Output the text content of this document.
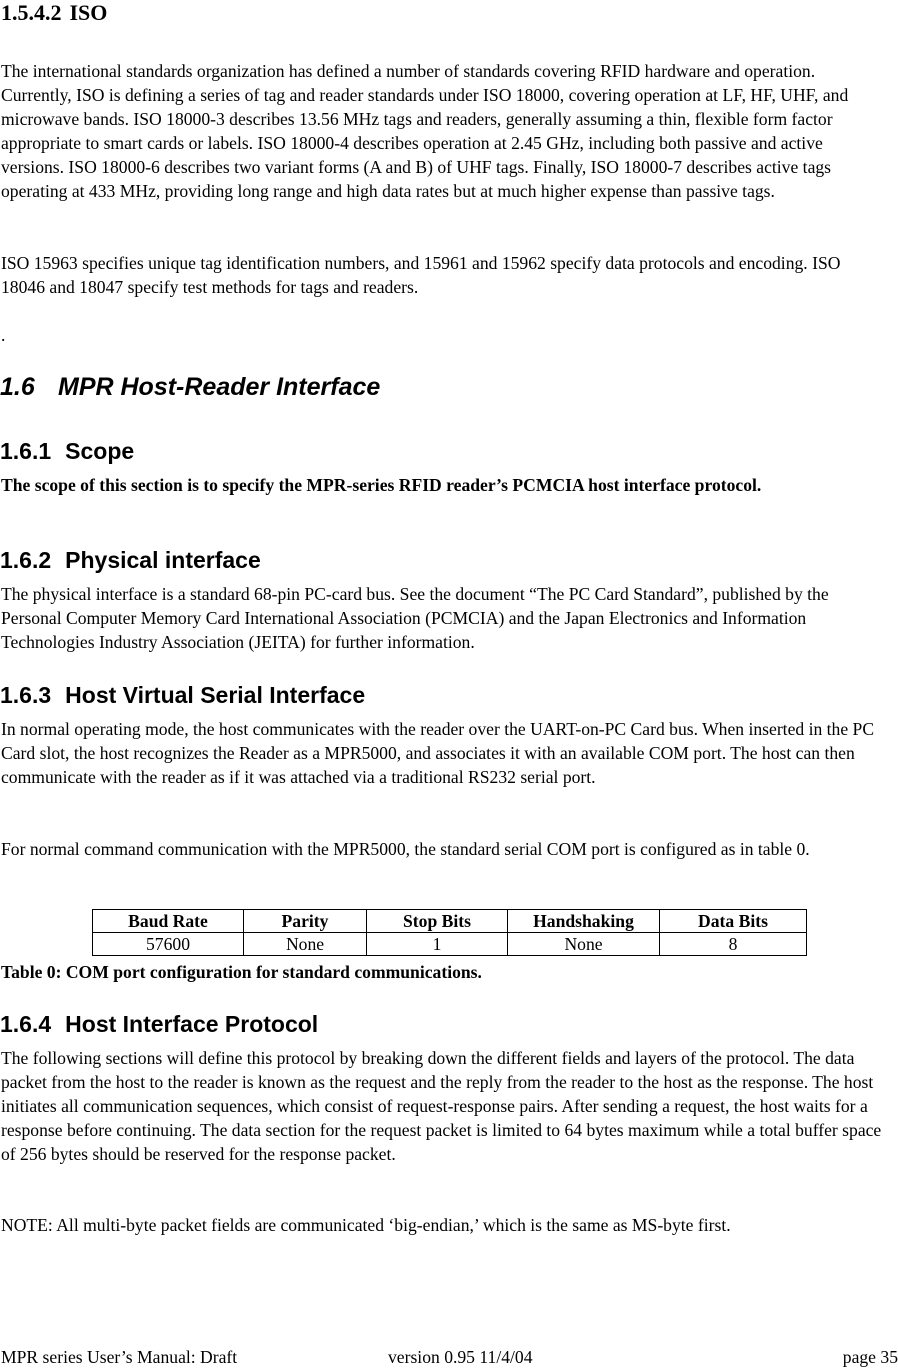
1.5.4.2 ISO

The international standards organization has defined a number of standards covering RFID hardware and operation. Currently, ISO is defining a series of tag and reader standards under ISO 18000, covering operation at LF, HF, UHF, and microwave bands. ISO 18000-3 describes 13.56 MHz tags and readers, generally assuming a thin, flexible form factor appropriate to smart cards or labels. ISO 18000-4 describes operation at 2.45 GHz, including both passive and active versions. ISO 18000-6 describes two variant forms (A and B) of UHF tags. Finally, ISO 18000-7 describes active tags operating at 433 MHz, providing long range and high data rates but at much higher expense than passive tags.

ISO 15963 specifies unique tag identification numbers, and 15961 and 15962 specify data protocols and encoding. ISO 18046 and 18047 specify test methods for tags and readers.

.

1.6 MPR Host-Reader Interface
1.6.1 Scope

The scope of this section is to specify the MPR-series RFID reader’s PCMCIA host interface protocol.

1.6.2 Physical interface

The physical interface is a standard 68-pin PC-card bus. See the document “The PC Card Standard”, published by the Personal Computer Memory Card International Association (PCMCIA) and the Japan Electronics and Information Technologies Industry Association (JEITA) for further information.

1.6.3 Host Virtual Serial Interface

In normal operating mode, the host communicates with the reader over the UART-on-PC Card bus. When inserted in the PC Card slot, the host recognizes the Reader as a MPR5000, and associates it with an available COM port. The host can then communicate with the reader as if it was attached via a traditional RS232 serial port.

For normal command communication with the MPR5000, the standard serial COM port is configured as in table 0.

Baud Rate	Parity	Stop Bits	Handshaking	Data Bits
57600	None	1	None	8

Table 0: COM port configuration for standard communications.

1.6.4 Host Interface Protocol

The following sections will define this protocol by breaking down the different fields and layers of the protocol. The data packet from the host to the reader is known as the request and the reply from the reader to the host as the response. The host initiates all communication sequences, which consist of request-response pairs. After sending a request, the host waits for a response before continuing. The data section for the request packet is limited to 64 bytes maximum while a total buffer space of 256 bytes should be reserved for the response packet.

NOTE: All multi-byte packet fields are communicated ‘big-endian,’ which is the same as MS-byte first.

MPR series User’s Manual: Draft	version 0.95 11/4/04	page 35
